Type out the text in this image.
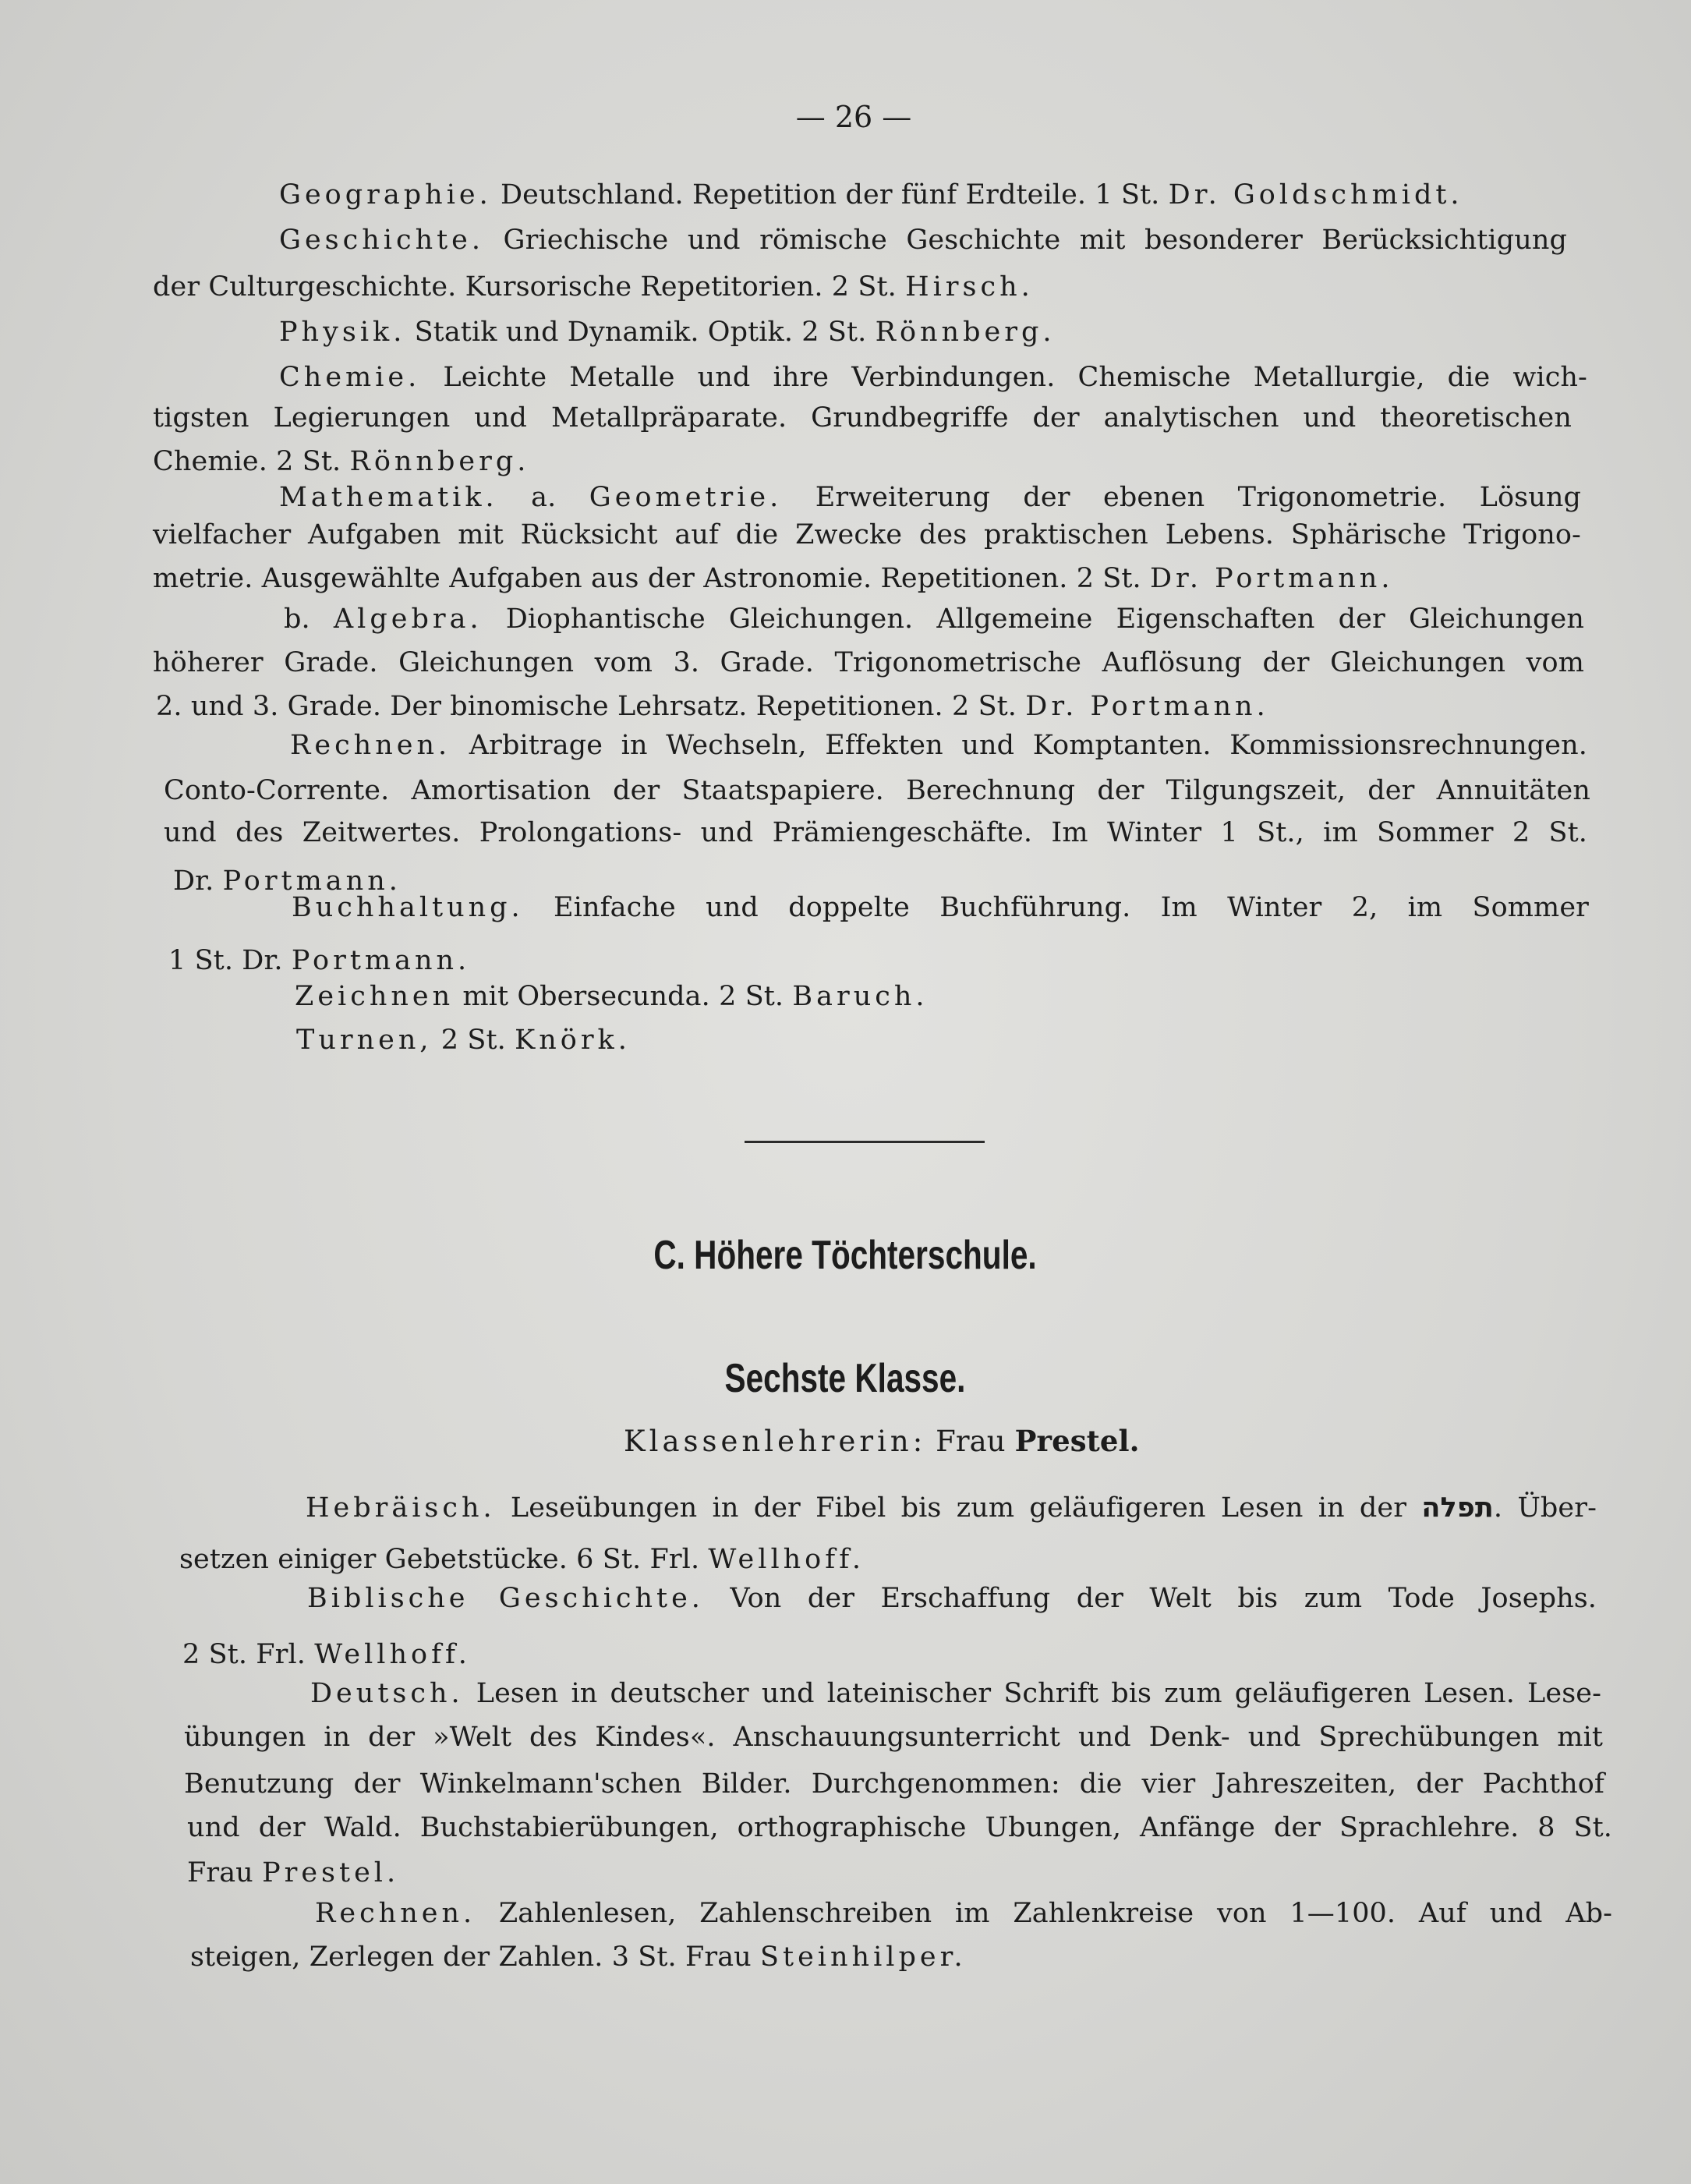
— 26 —
Geographie. Deutschland. Repetition der fünf Erdteile. 1 St. Dr. Goldschmidt.
Geschichte. Griechische und römische Geschichte mit besonderer Berücksichtigung
der Culturgeschichte. Kursorische Repetitorien. 2 St. Hirsch.
Physik. Statik und Dynamik. Optik. 2 St. Rönnberg.
Chemie. Leichte Metalle und ihre Verbindungen. Chemische Metallurgie, die wich-
tigsten Legierungen und Metallpräparate. Grundbegriffe der analytischen und theoretischen
Chemie. 2 St. Rönnberg.
Mathematik. a. Geometrie. Erweiterung der ebenen Trigonometrie. Lösung
vielfacher Aufgaben mit Rücksicht auf die Zwecke des praktischen Lebens. Sphärische Trigono-
metrie. Ausgewählte Aufgaben aus der Astronomie. Repetitionen. 2 St. Dr. Portmann.
b. Algebra. Diophantische Gleichungen. Allgemeine Eigenschaften der Gleichungen
höherer Grade. Gleichungen vom 3. Grade. Trigonometrische Auflösung der Gleichungen vom
2. und 3. Grade. Der binomische Lehrsatz. Repetitionen. 2 St. Dr. Portmann.
Rechnen. Arbitrage in Wechseln, Effekten und Komptanten. Kommissionsrechnungen.
Conto-Corrente. Amortisation der Staatspapiere. Berechnung der Tilgungszeit, der Annuitäten
und des Zeitwertes. Prolongations- und Prämiengeschäfte. Im Winter 1 St., im Sommer 2 St.
Dr. Portmann.
Buchhaltung. Einfache und doppelte Buchführung. Im Winter 2, im Sommer
1 St. Dr. Portmann.
Zeichnen mit Obersecunda. 2 St. Baruch.
Turnen, 2 St. Knörk.
C. Höhere Töchterschule.
Sechste Klasse.
Klassenlehrerin: Frau Prestel.
Hebräisch. Leseübungen in der Fibel bis zum geläufigeren Lesen in der תפלה. Über-
setzen einiger Gebetstücke. 6 St. Frl. Wellhoff.
Biblische Geschichte. Von der Erschaffung der Welt bis zum Tode Josephs.
2 St. Frl. Wellhoff.
Deutsch. Lesen in deutscher und lateinischer Schrift bis zum geläufigeren Lesen. Lese-
übungen in der »Welt des Kindes«. Anschauungsunterricht und Denk- und Sprechübungen mit
Benutzung der Winkelmann'schen Bilder. Durchgenommen: die vier Jahreszeiten, der Pachthof
und der Wald. Buchstabierübungen, orthographische Ubungen, Anfänge der Sprachlehre. 8 St.
Frau Prestel.
Rechnen. Zahlenlesen, Zahlenschreiben im Zahlenkreise von 1—100. Auf und Ab-
steigen, Zerlegen der Zahlen. 3 St. Frau Steinhilper.
